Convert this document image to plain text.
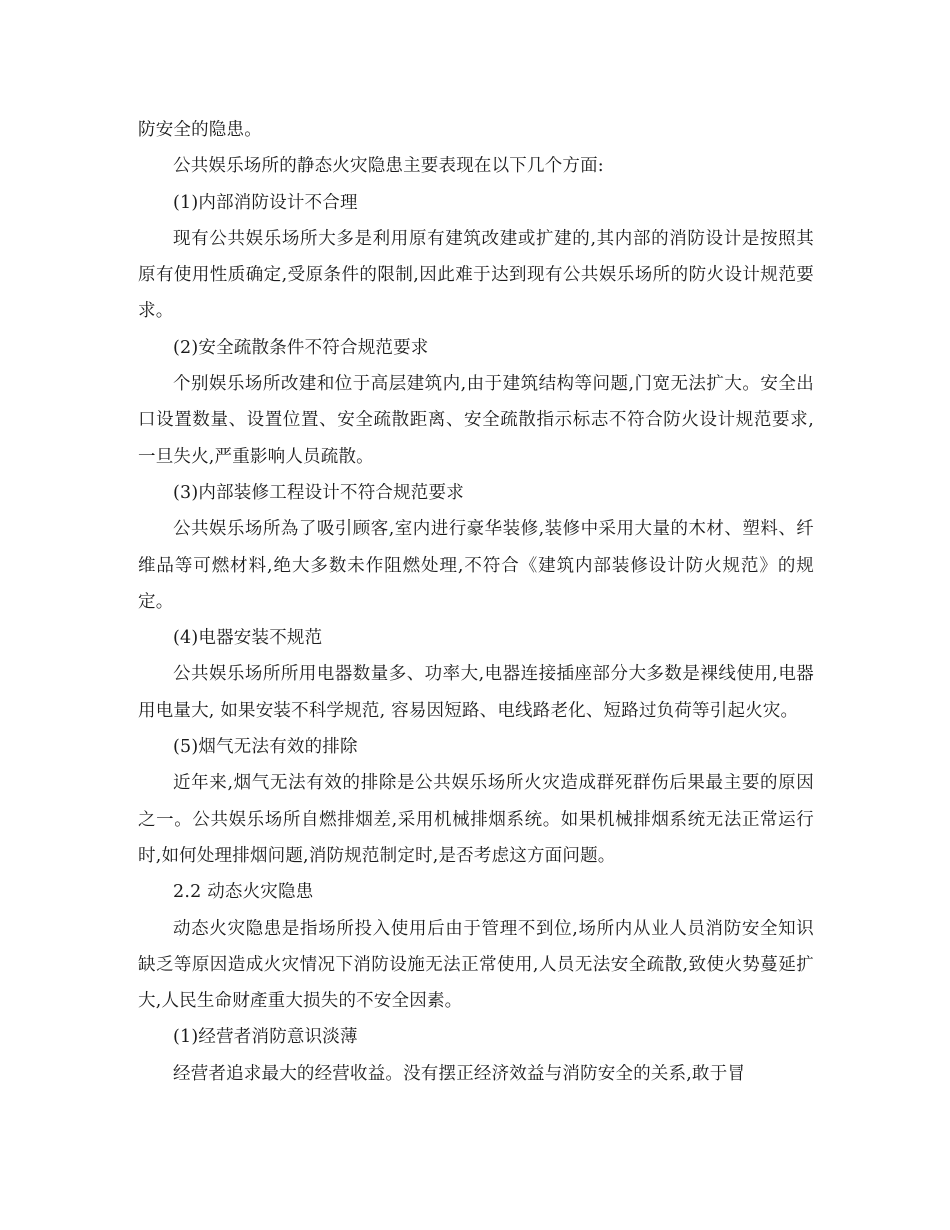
防安全的隐患。

公共娱乐场所的静态火灾隐患主要表现在以下几个方面:

(1)内部消防设计不合理

现有公共娱乐场所大多是利用原有建筑改建或扩建的,其内部的消防设计是按照其原有使用性质确定,受原条件的限制,因此难于达到现有公共娱乐场所的防火设计规范要求。

(2)安全疏散条件不符合规范要求

个别娱乐场所改建和位于高层建筑内,由于建筑结构等问题,门宽无法扩大。安全出口设置数量、设置位置、安全疏散距离、安全疏散指示标志不符合防火设计规范要求,一旦失火,严重影响人员疏散。

(3)内部装修工程设计不符合规范要求

公共娱乐场所為了吸引顾客,室内进行豪华装修,装修中采用大量的木材、塑料、纤维品等可燃材料,绝大多数未作阻燃处理,不符合《建筑内部装修设计防火规范》的规定。

(4)电器安装不规范

公共娱乐场所所用电器数量多、功率大,电器连接插座部分大多数是裸线使用,电器用电量大, 如果安装不科学规范, 容易因短路、电线路老化、短路过负荷等引起火灾。

(5)烟气无法有效的排除

近年来,烟气无法有效的排除是公共娱乐场所火灾造成群死群伤后果最主要的原因之一。公共娱乐场所自燃排烟差,采用机械排烟系统。如果机械排烟系统无法正常运行时,如何处理排烟问题,消防规范制定时,是否考虑这方面问题。

2.2 动态火灾隐患

动态火灾隐患是指场所投入使用后由于管理不到位,场所内从业人员消防安全知识缺乏等原因造成火灾情况下消防设施无法正常使用,人员无法安全疏散,致使火势蔓延扩大,人民生命财產重大损失的不安全因素。

(1)经营者消防意识淡薄

经营者追求最大的经营收益。没有摆正经济效益与消防安全的关系,敢于冒
